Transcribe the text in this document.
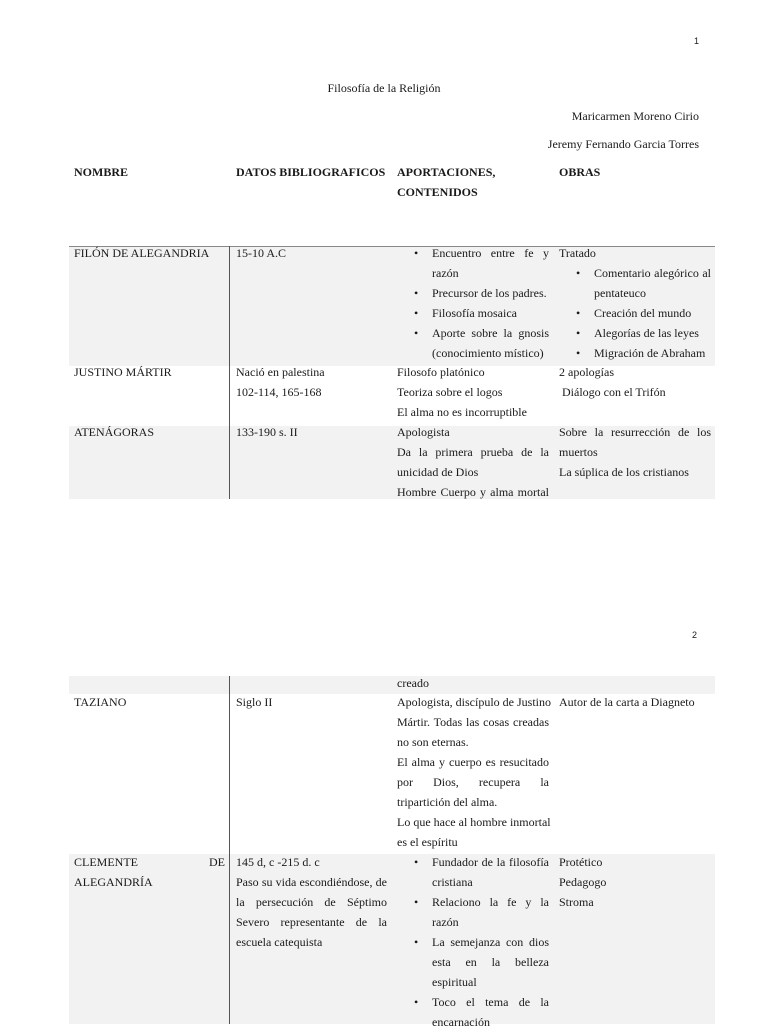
1
Filosofía de la Religión
Maricarmen Moreno Cirio
Jeremy Fernando Garcia Torres
NOMBRE	DATOS BIBLIOGRAFICOS APORTACIONES,
CONTENIDOS
OBRAS
FILÓN DE ALEGANDRIA 15-10 A.C
•	Encuentro entre fe y
razón
• Precursor de los padres.
• Filosofía mosaica
• Aporte sobre la gnosis
(conocimiento místico)
Tratado
• Comentario alegórico al
pentateuco
• Creación del mundo
• Alegorías de las leyes
• Migración de Abraham
JUSTINO MÁRTIR	Nació en palestina
102-114, 165-168
Filosofo platónico
Teoriza sobre el logos
El alma no es incorruptible
2 apologías
Diálogo con el Trifón
ATENÁGORAS	133-190 s. II	Apologista
Da la primera prueba de la
unicidad de Dios
Hombre Cuerpo y alma mortal
Sobre la resurrección de los
muertos
La súplica de los cristianos
2
creado
TAZIANO	Siglo II	Apologista, discípulo de Justino
Mártir. Todas las cosas creadas
no son eternas.
El alma y cuerpo es resucitado
por Dios, recupera la
tripartición del alma.
Lo que hace al hombre inmortal
es el espíritu
Autor de la carta a Diagneto
CLEMENTE DE
ALEGANDRÍA
145 d, c -215 d. c
Paso su vida escondiéndose, de
la persecución de Séptimo
Severo representante de la
escuela catequista
• Fundador de la filosofía
cristiana
• Relaciono la fe y la
razón
• La semejanza con dios
esta en la belleza
espiritual
• Toco el tema de la
encarnación
Protético
Pedagogo
Stroma
